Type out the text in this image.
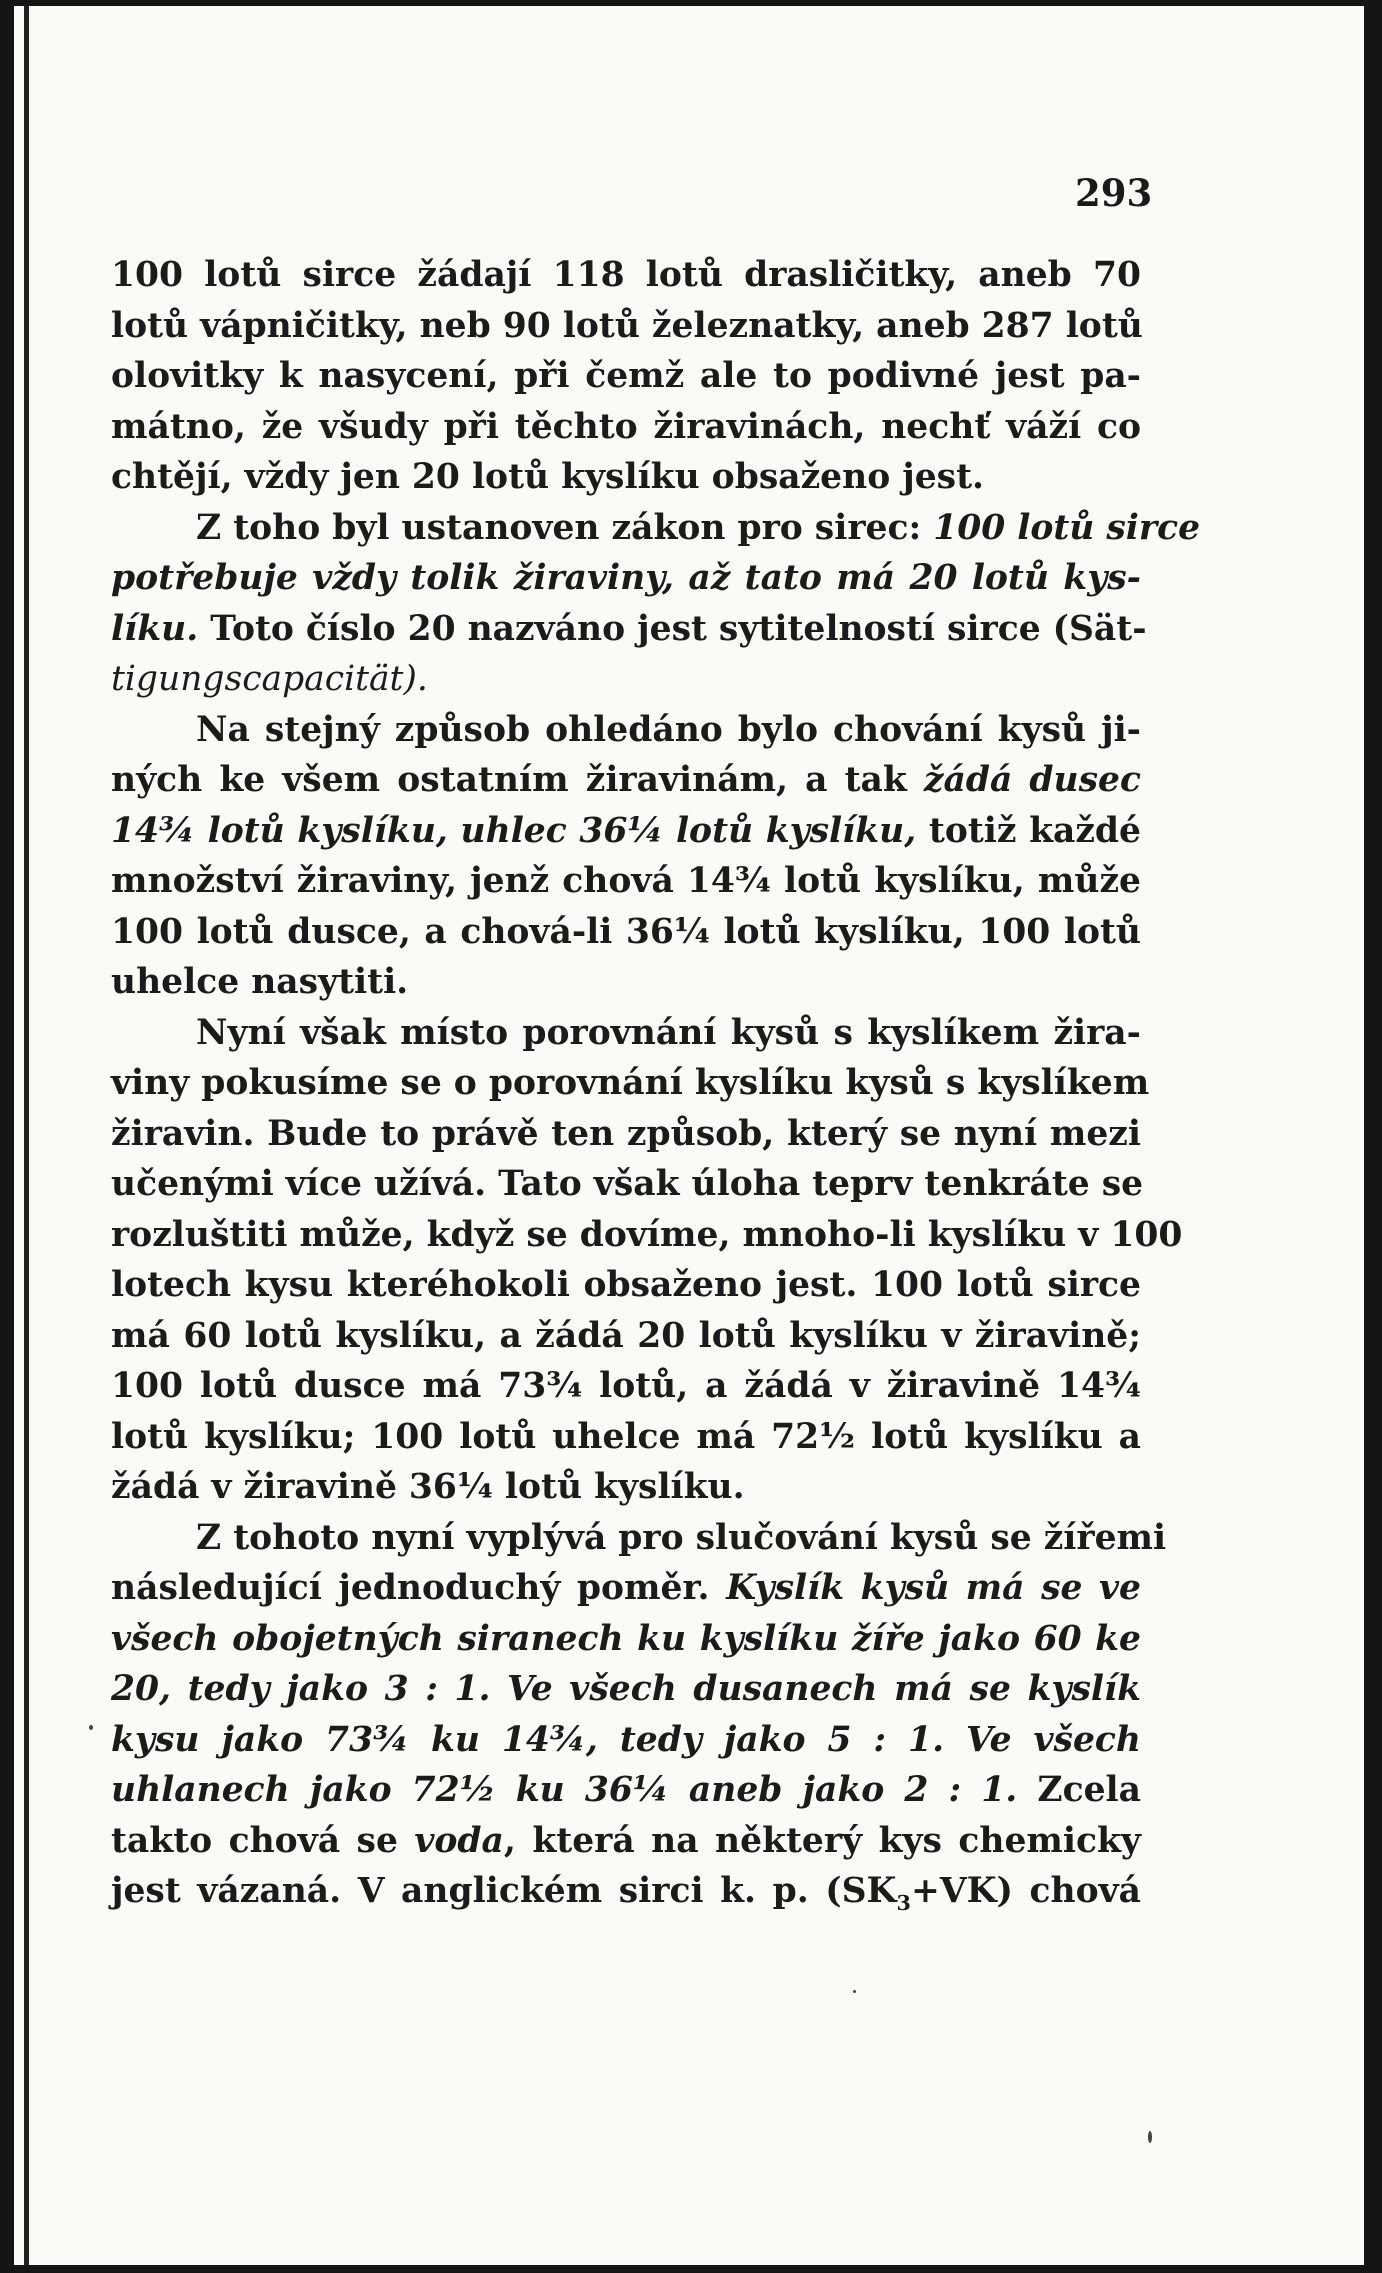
293
100 lotů sirce žádají 118 lotů drasličitky, aneb 70
lotů vápničitky, neb 90 lotů železnatky, aneb 287 lotů
olovitky k nasycení, při čemž ale to podivné jest pa-
mátno, že všudy při těchto žiravinách, nechť váží co
chtějí, vždy jen 20 lotů kyslíku obsaženo jest.
Z toho byl ustanoven zákon pro sirec: 100 lotů sirce
potřebuje vždy tolik žiraviny, až tato má 20 lotů kys-
líku. Toto číslo 20 nazváno jest sytitelností sirce (Sät-
tigungscapacität).
Na stejný způsob ohledáno bylo chování kysů ji-
ných ke všem ostatním žiravinám, a tak žádá dusec
14¾ lotů kyslíku, uhlec 36¼ lotů kyslíku, totiž každé
množství žiraviny, jenž chová 14¾ lotů kyslíku, může
100 lotů dusce, a chová-li 36¼ lotů kyslíku, 100 lotů
uhelce nasytiti.
Nyní však místo porovnání kysů s kyslíkem žira-
viny pokusíme se o porovnání kyslíku kysů s kyslíkem
žiravin. Bude to právě ten způsob, který se nyní mezi
učenými více užívá. Tato však úloha teprv tenkráte se
rozluštiti může, když se dovíme, mnoho-li kyslíku v 100
lotech kysu kteréhokoli obsaženo jest. 100 lotů sirce
má 60 lotů kyslíku, a žádá 20 lotů kyslíku v žiravině;
100 lotů dusce má 73¾ lotů, a žádá v žiravině 14¾
lotů kyslíku; 100 lotů uhelce má 72½ lotů kyslíku a
žádá v žiravině 36¼ lotů kyslíku.
Z tohoto nyní vyplývá pro slučování kysů se žířemi
následující jednoduchý poměr. Kyslík kysů má se ve
všech obojetných siranech ku kyslíku žíře jako 60 ke
20, tedy jako 3 : 1. Ve všech dusanech má se kyslík
kysu jako 73¾ ku 14¾, tedy jako 5 : 1. Ve všech
uhlanech jako 72½ ku 36¼ aneb jako 2 : 1. Zcela
takto chová se voda, která na některý kys chemicky
jest vázaná. V anglickém sirci k. p. $(SK_3+VK)$ chová
